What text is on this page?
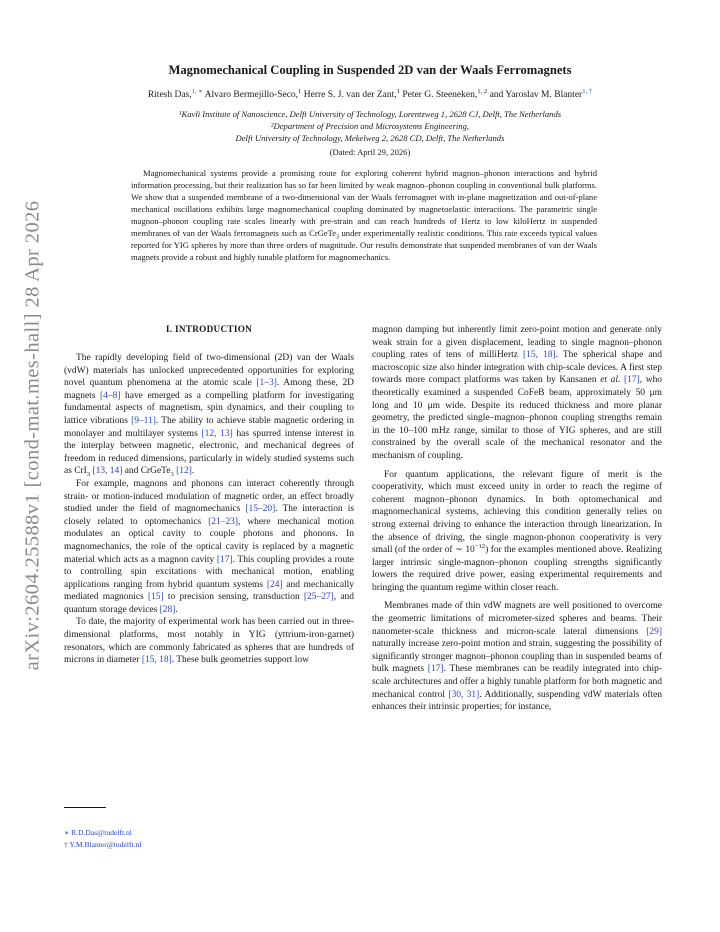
arXiv:2604.25588v1 [cond-mat.mes-hall] 28 Apr 2026
Magnomechanical Coupling in Suspended 2D van der Waals Ferromagnets
Ritesh Das,$^{1, ∗}$ Alvaro Bermejillo-Seco,$^1$ Herre S. J. van der Zant,$^1$ Peter G. Steeneken,$^{1, 2}$ and Yaroslav M. Blanter$^{1, \dagger}$
¹Kavli Institute of Nanoscience, Delft University of Technology, Lorentzweg 1, 2628 CJ, Delft, The Netherlands
²Department of Precision and Microsystems Engineering,
Delft University of Technology, Mekelweg 2, 2628 CD, Delft, The Netherlands
(Dated: April 29, 2026)
Magnomechanical systems provide a promising route for exploring coherent hybrid magnon–phonon interactions and hybrid information processing, but their realization has so far been limited by weak magnon–phonon coupling in conventional bulk platforms. We show that a suspended membrane of a two-dimensional van der Waals ferromagnet with in-plane magnetization and out-of-plane mechanical oscillations exhibits large magnomechanical coupling dominated by magnetoelastic interactions. The parametric single magnon–phonon coupling rate scales linearly with pre-strain and can reach hundreds of Hertz to low kiloHertz in suspended membranes of van der Waals ferromagnets such as CrGeTe$_3$ under experimentally realistic conditions. This rate exceeds typical values reported for YIG spheres by more than three orders of magnitude. Our results demonstrate that suspended membranes of van der Waals magnets provide a robust and highly tunable platform for magnomechanics.
I. INTRODUCTION

The rapidly developing field of two-dimensional (2D) van der Waals (vdW) materials has unlocked unprecedented opportunities for exploring novel quantum phenomena at the atomic scale [1–3]. Among these, 2D magnets [4–8] have emerged as a compelling platform for investigating fundamental aspects of magnetism, spin dynamics, and their coupling to lattice vibrations [9–11]. The ability to achieve stable magnetic ordering in monolayer and multilayer systems [12, 13] has spurred intense interest in the interplay between magnetic, electronic, and mechanical degrees of freedom in reduced dimensions, particularly in widely studied systems such as CrI$_3$ [13, 14] and CrGeTe$_3$ [12].

For example, magnons and phonons can interact coherently through strain- or motion-induced modulation of magnetic order, an effect broadly studied under the field of magnomechanics [15–20]. The interaction is closely related to optomechanics [21–23], where mechanical motion modulates an optical cavity to couple photons and phonons. In magnomechanics, the role of the optical cavity is replaced by a magnetic material which acts as a magnon cavity [17]. This coupling provides a route to controlling spin excitations with mechanical motion, enabling applications ranging from hybrid quantum systems [24] and mechanically mediated magnonics [15] to precision sensing, transduction [25–27], and quantum storage devices [28].

To date, the majority of experimental work has been carried out in three-dimensional platforms, most notably in YIG (yttrium-iron-garnet) resonators, which are commonly fabricated as spheres that are hundreds of microns in diameter [15, 18]. These bulk geometries support low

magnon damping but inherently limit zero-point motion and generate only weak strain for a given displacement, leading to single magnon–phonon coupling rates of tens of milliHertz [15, 18]. The spherical shape and macroscopic size also hinder integration with chip-scale devices. A first step towards more compact platforms was taken by Kansanen et al. [17], who theoretically examined a suspended CoFeB beam, approximately 50 μm long and 10 μm wide. Despite its reduced thickness and more planar geometry, the predicted single–magnon–phonon coupling strengths remain in the 10–100 mHz range, similar to those of YIG spheres, and are still constrained by the overall scale of the mechanical resonator and the mechanism of coupling.

For quantum applications, the relevant figure of merit is the cooperativity, which must exceed unity in order to reach the regime of coherent magnon–phonon dynamics. In both optomechanical and magnomechanical systems, achieving this condition generally relies on strong external driving to enhance the interaction through linearization. In the absence of driving, the single magnon-phonon cooperativity is very small (of the order of ∼ $10^{-12}$) for the examples mentioned above. Realizing larger intrinsic single-magnon–phonon coupling strengths significantly lowers the required drive power, easing experimental requirements and bringing the quantum regime within closer reach.

Membranes made of thin vdW magnets are well positioned to overcome the geometric limitations of micrometer-sized spheres and beams. Their nanometer-scale thickness and micron-scale lateral dimensions [29] naturally increase zero-point motion and strain, suggesting the possibility of significantly stronger magnon–phonon coupling than in suspended beams of bulk magnets [17]. These membranes can be readily integrated into chip-scale architectures and offer a highly tunable platform for both magnetic and mechanical control [30, 31]. Additionally, suspending vdW materials often enhances their intrinsic properties; for instance,

∗ R.D.Das@tudelft.nl
† Y.M.Blanter@tudelft.nl
